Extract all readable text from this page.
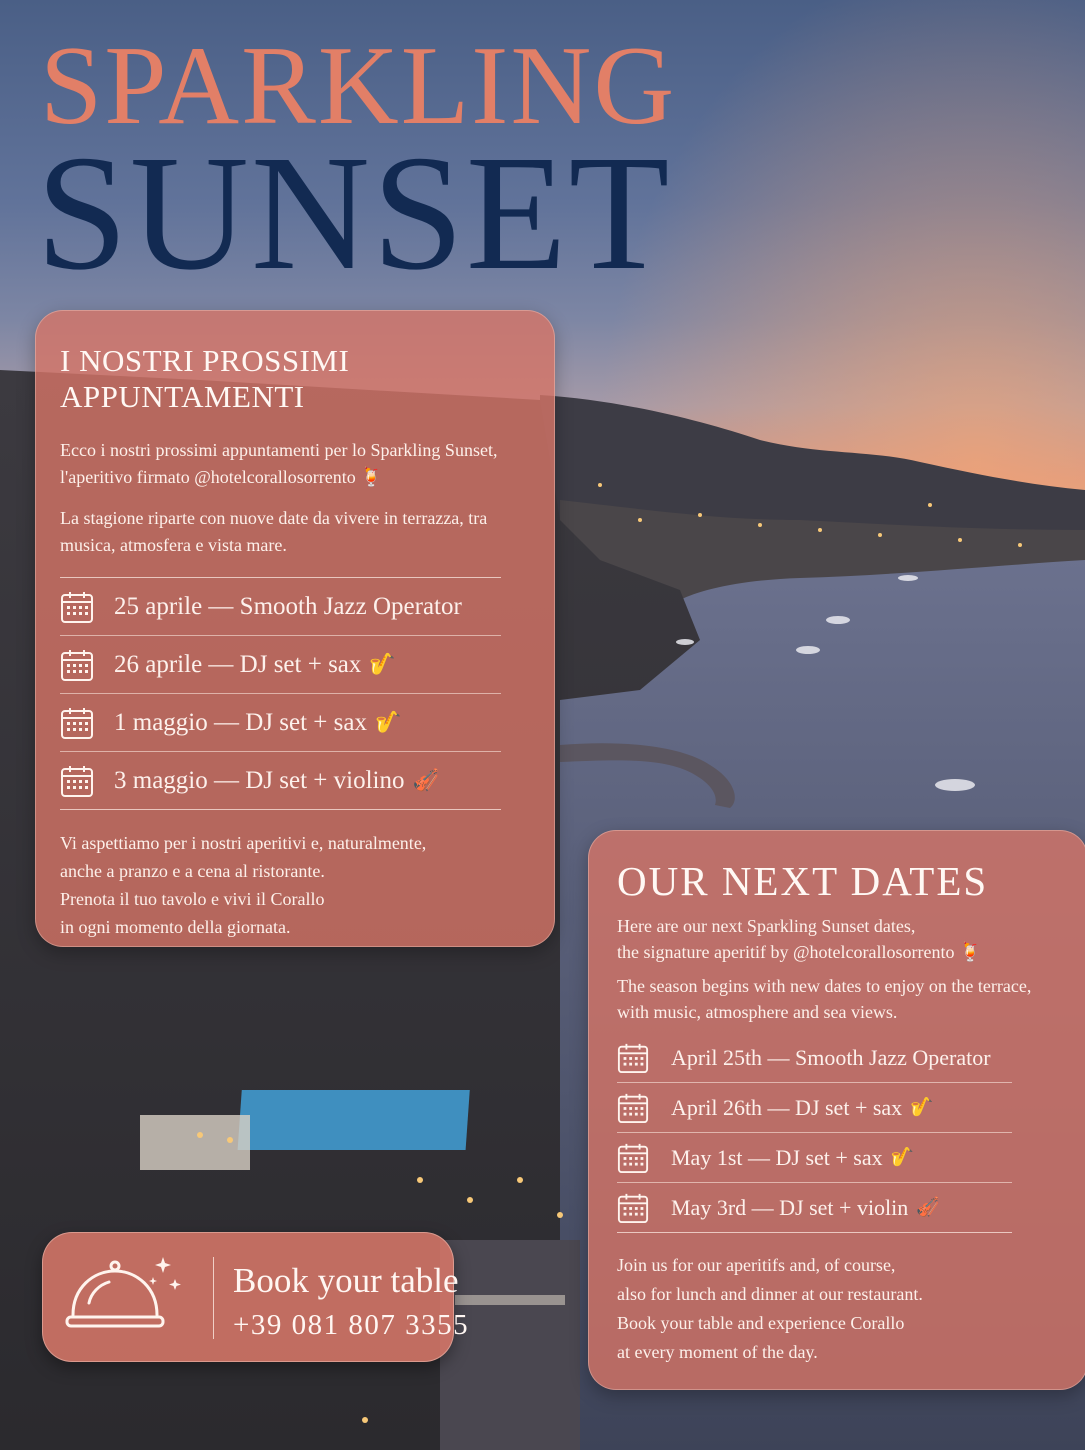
SPARKLING
SUNSET
I NOSTRI PROSSIMI APPUNTAMENTI

Ecco i nostri prossimi appuntamenti per lo Sparkling Sunset, l'aperitivo firmato @hotelcorallosorrento 🍹

La stagione riparte con nuove date da vivere in terrazza, tra musica, atmosfera e vista mare.

25 aprile — Smooth Jazz Operator
26 aprile — DJ set + sax 🎷
1 maggio — DJ set + sax 🎷
3 maggio — DJ set + violino 🎻
Vi aspettiamo per i nostri aperitivi e, naturalmente,
anche a pranzo e a cena al ristorante.
Prenota il tuo tavolo e vivi il Corallo
in ogni momento della giornata.
OUR NEXT DATES
Here are our next Sparkling Sunset dates,
the signature aperitif by @hotelcorallosorrento 🍹
The season begins with new dates to enjoy on the terrace,
with music, atmosphere and sea views.
April 25th — Smooth Jazz Operator
April 26th — DJ set + sax 🎷
May 1st — DJ set + sax 🎷
May 3rd — DJ set + violin 🎻
Join us for our aperitifs and, of course,
also for lunch and dinner at our restaurant.
Book your table and experience Corallo
at every moment of the day.
Book your table
+39 081 807 3355
